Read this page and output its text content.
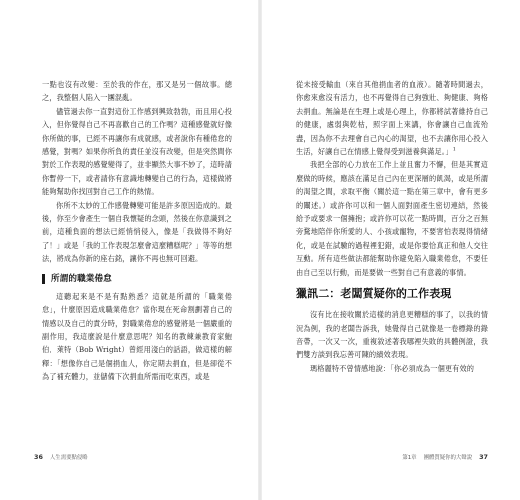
一點也沒有改變：至於我的作在，那又是另一個故事。總之，我整個人陷入一團混亂。

儘管過去你一直對這份工作感到興致勃勃，而且用心投入，但你覺得自己不再喜歡自己的工作嗎？這種感覺就好像你所做的事，已經不再讓你有成就感，或者說你有種倦怠的感覺，對嗎？如果你所負的責任並沒有改變，但是突然間你對於工作表現的感覺變得了，並非顯然大事不妙了，這時請你暫停一下，或者請你有意識地轉變自己的行為，這樣做將能夠幫助你找回對自己工作的熱情。

你所不太妙的工作感覺轉變可能是許多原因造成的。最後，你至少會產生一個自我懷疑的念頭，然後在你意識到之前，這種負面的想法已經悄悄侵入，像是「我做得不夠好了！」或是「我的工作表現怎麼會這麼糟糕呢？」等等的想法，將成為你新的座右銘，讓你不再也無可回避。

所謂的職業倦怠

這聽起來是不是有點熟悉？這就是所謂的「職業倦怠」，什麼原因造成職業倦怠？當你現在死命割劃著自己的情感以及自己的責分時，對職業倦怠的感覺將是一個嚴重的副作用，我這麼說是什麼意思呢？知名的教練兼教育家鮑伯．萊特（Bob Wright）曾經用淺白的話語，做這樣的解釋：「想像你自己是個捐血人，你定期去捐血，但是卻從不為了補充體力，並儲備下次捐血所需而吃東西，或是

36 人生需要點侵略

從未接受輸血（來自其他捐血者的血液）。隨著時間過去，你愈來愈沒有活力，也不再覺得自己狗強壯、夠健康、夠格去捐血。無論是在生理上或是心理上，你都將試著維持自己的健康，處弱與乾枯，照字面上來講，你會讓自己血流殆盡，因為你不去理會自己內心的渴望，也不去讓你用心投入生活，好讓自己在情感上覺得受到滋養與滿足。」$^1$

我把全部的心力放在工作上並且奮力不懈，但是其實這麼做的時候，應該在滿足自己內在更深層的飢渴，或是所謂的渴望之間，求取平衡（關於這一點在第三章中，會有更多的闡述。）或許你可以和一個人面對面產生密切連結，然後給予或要求一個擁抱；或許你可以花一點時間，百分之百無旁騖地陪伴你所愛的人、小孩或寵物，不要害怕表現得情緒化，或是在試驗的過程裡犯錯，或是你要恰真正和他人交往互動。所有這些做法都能幫助你避免陷入職業倦怠，不要任由自己至以行動，而是要做一些對自己有意義的事情。

獵訊二：老闆質疑你的工作表現

沒有比在接收關於這樣的消息更糟糕的事了，以我的情況為例，我的老闆告訴我，她覺得自己就像是一卷標錄的錄音帶，一次又一次，重複敘述著我哪裡失敗的具體例證，我們雙方談到我忘善可陳的績效表現。

瑪格麗特不曾情感地說：「你必須成為一個更有效的

第1章 團體質疑你的大聲說 37
